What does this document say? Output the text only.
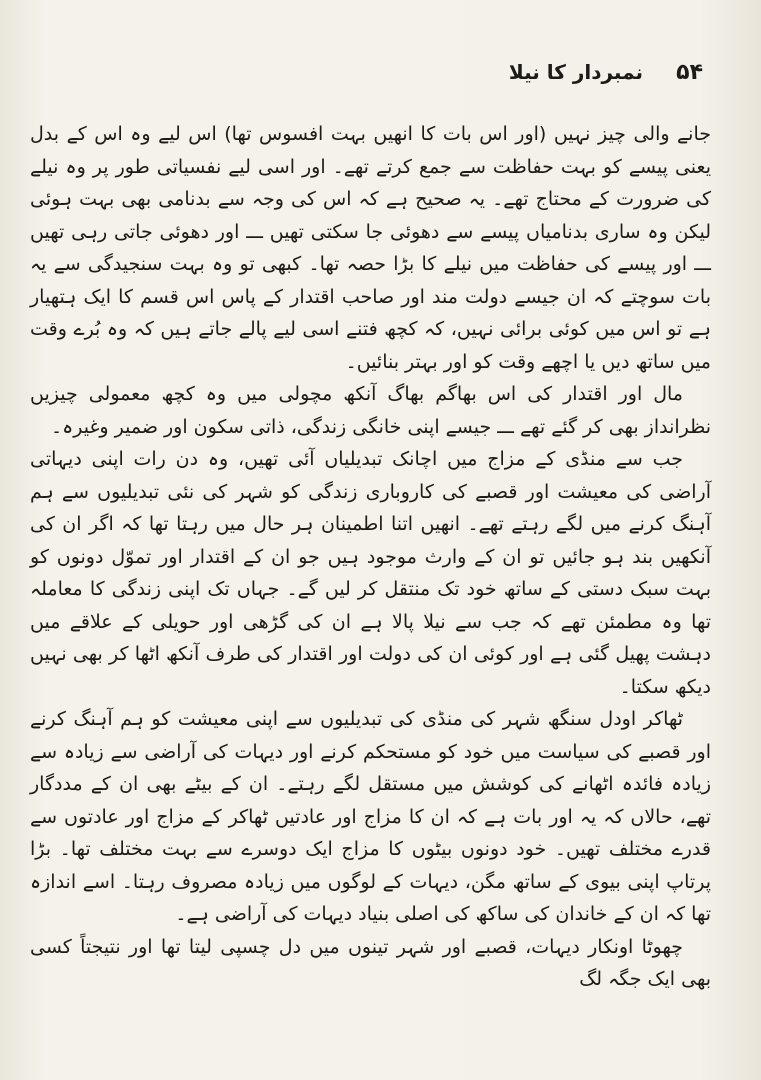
۵۴
نمبردار کا نیلا

جانے والی چیز نہیں (اور اس بات کا انھیں بہت افسوس تھا) اس لیے وہ اس کے بدل یعنی پیسے کو بہت حفاظت سے جمع کرتے تھے۔ اور اسی لیے نفسیاتی طور پر وہ نیلے کی ضرورت کے محتاج تھے۔ یہ صحیح ہے کہ اس کی وجہ سے بدنامی بھی بہت ہوئی لیکن وہ ساری بدنامیاں پیسے سے دھوئی جا سکتی تھیں ـــ اور دھوئی جاتی رہی تھیں ـــ اور پیسے کی حفاظت میں نیلے کا بڑا حصہ تھا۔ کبھی تو وہ بہت سنجیدگی سے یہ بات سوچتے کہ ان جیسے دولت مند اور صاحب اقتدار کے پاس اس قسم کا ایک ہتھیار ہے تو اس میں کوئی برائی نہیں، کہ کچھ فتنے اسی لیے پالے جاتے ہیں کہ وہ بُرے وقت میں ساتھ دیں یا اچھے وقت کو اور بہتر بنائیں۔

مال اور اقتدار کی اس بھاگم بھاگ آنکھ مچولی میں وہ کچھ معمولی چیزیں نظرانداز بھی کر گئے تھے ـــ جیسے اپنی خانگی زندگی، ذاتی سکون اور ضمیر وغیرہ۔

جب سے منڈی کے مزاج میں اچانک تبدیلیاں آئی تھیں، وہ دن رات اپنی دیہاتی آراضی کی معیشت اور قصبے کی کاروباری زندگی کو شہر کی نئی تبدیلیوں سے ہم آہنگ کرنے میں لگے رہتے تھے۔ انھیں اتنا اطمینان ہر حال میں رہتا تھا کہ اگر ان کی آنکھیں بند ہو جائیں تو ان کے وارث موجود ہیں جو ان کے اقتدار اور تموّل دونوں کو بہت سبک دستی کے ساتھ خود تک منتقل کر لیں گے۔ جہاں تک اپنی زندگی کا معاملہ تھا وہ مطمئن تھے کہ جب سے نیلا پالا ہے ان کی گڑھی اور حویلی کے علاقے میں دہشت پھیل گئی ہے اور کوئی ان کی دولت اور اقتدار کی طرف آنکھ اٹھا کر بھی نہیں دیکھ سکتا۔

ٹھاکر اودل سنگھ شہر کی منڈی کی تبدیلیوں سے اپنی معیشت کو ہم آہنگ کرنے اور قصبے کی سیاست میں خود کو مستحکم کرنے اور دیہات کی آراضی سے زیادہ سے زیادہ فائدہ اٹھانے کی کوشش میں مستقل لگے رہتے۔ ان کے بیٹے بھی ان کے مددگار تھے، حالاں کہ یہ اور بات ہے کہ ان کا مزاج اور عادتیں ٹھاکر کے مزاج اور عادتوں سے قدرے مختلف تھیں۔ خود دونوں بیٹوں کا مزاج ایک دوسرے سے بہت مختلف تھا۔ بڑا پرتاپ اپنی بیوی کے ساتھ مگن، دیہات کے لوگوں میں زیادہ مصروف رہتا۔ اسے اندازہ تھا کہ ان کے خاندان کی ساکھ کی اصلی بنیاد دیہات کی آراضی ہے۔

چھوٹا اونکار دیہات، قصبے اور شہر تینوں میں دل چسپی لیتا تھا اور نتیجتاً کسی بھی ایک جگہ لگ
